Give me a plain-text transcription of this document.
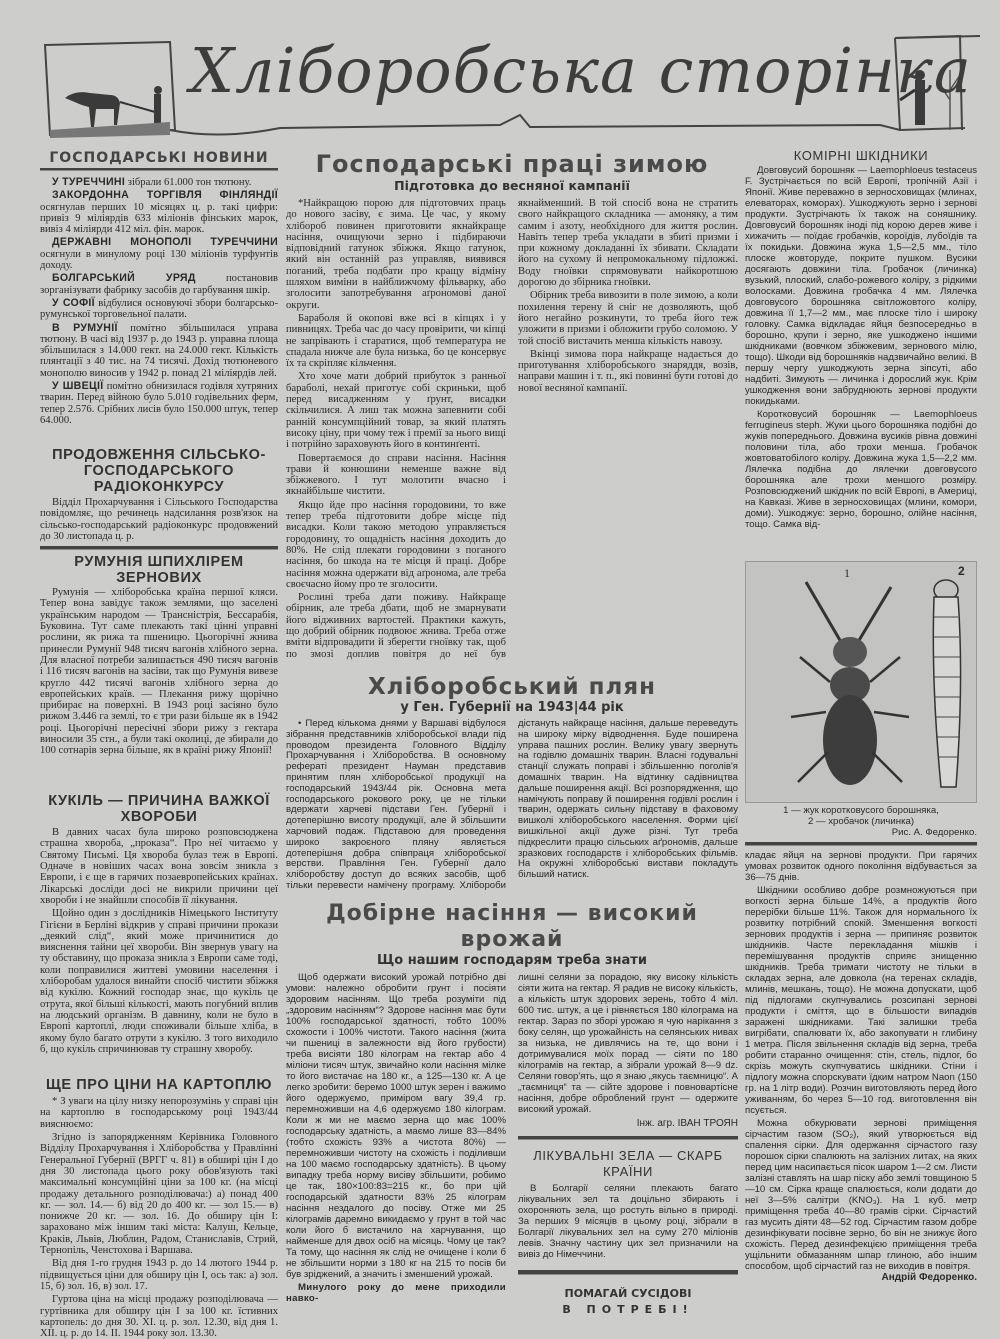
Хліборобська сторінка
ГОСПОДАРСЬКІ НОВИНИ

У ТУРЕЧЧИНІ зібрали 61.000 тон тютюну.

ЗАКОРДОННА ТОРГІВЛЯ ФІНЛЯНДІЇ осягнулав перших 10 місяцях ц. р. такі цифри: привіз 9 міліярдів 633 міліонів фінських марок, вивіз 4 міліярди 412 міл. фін. марок.

ДЕРЖАВНІ МОНОПОЛІ ТУРЕЧЧИНИ осягнули в минулому році 130 міліонів турфунтів доходу.

БОЛГАРСЬКИЙ УРЯД постановив зорганізувати фабрику засобів до гарбування шкір.

У СОФІЇ відбулися основуючі збори болгарсько-румунської торговельної палати.

В РУМУНІЇ помітно збільшилася управа тютюну. В часі від 1937 р. до 1943 р. управна площа збільшилася з 14.000 гект. на 24.000 гект. Кількість плянтації з 40 тис. на 74 тисячі. Дохід тютюневого монополю виносив у 1942 р. понад 21 міліярдів лей.

У ШВЕЦІЇ помітно обнизилася годівля хутряних тварин. Перед війною було 5.010 годівельних ферм, тепер 2.576. Срібних лисів було 150.000 штук, тепер 64.000.

ПРОДОВЖЕННЯ СІЛЬСЬКО-ГОСПОДАРСЬКОГО РАДІОКОНКУРСУ

Відділ Прохарчування і Сільського Господарства повідомляє, що речинець надсилання розв'язок на сільсько-господарський радіоконкурс продовжений до 30 листопада ц. р.

РУМУНІЯ ШПИХЛІРЕМ ЗЕРНОВИХ

Румунія — хліборобська країна першої кляси. Тепер вона завідує також землями, що заселені українським народом — Трансністрія, Бессарабія, Буковина. Тут саме плекають такі цінні управні рослини, як рижа та пшеницю. Цьогорічні жнива принесли Румунії 948 тисяч вагонів хлібного зерна. Для власної потреби залишається 490 тисяч вагонів і 116 тисяч вагонів на засіви, так що Румунія вивезе кругло 442 тисячі вагонів хлібного зерна до европейських країв. — Плекання рижу щорічно прибирає на поверхні. В 1943 році засіяно було рижом 3.446 га землі, то є три рази більше як в 1942 році. Цьогорічні пересічні збори рижу з гектара виносили 35 стн., а були такі околиці, де збирали до 100 сотнарів зерна більше, як в країні рижу Японії!

КУКІЛЬ — ПРИЧИНА ВАЖКОЇ ХВОРОБИ

В давних часах була широко розповсюджена страшна хвороба, „проказа“. Про неї читаємо у Святому Письмі. Ця хвороба булаз теж в Европі. Одначе в новіших часах вона зовсім зникла з Европи, і є ще в гарячих позаевропейських країнах. Лікарські досліди досі не викрили причини цеї хвороби і не знайшли способів її лікування.

Щойно один з дослідників Німецького Інституту Гігієни в Берліні відкрив у справі причини прокази „деякий слід“, який може причинитися до вияснення тайни цеї хвороби. Він звернув увагу на ту обставину, що проказа зникла з Европи саме тоді, коли поправилися життеві умовини населення і хліборобам удалося винайти спосіб чистити збіжжя від кукілю. Кожний господар знає, що кукіль це отрута, якої більші кількості, мають погубний вплив на людський організм. В давнину, коли не було в Европі картоплі, люди споживали більше хліба, в якому було багато отрути з кукілю. З того виходило б, що кукіль спричинював ту страшну хворобу.

ЩЕ ПРО ЦІНИ НА КАРТОПЛЮ

* З уваги на цілу низку непорозумінь у справі цін на картоплю в господарському році 1943/44 вияснюємо:

Згідно із запорядженням Керівника Головного Відділу Прохарчування і Хліборобства у Правлінні Генеральної Губернії (ВРГГ ч. 81) в обширі цін І до дня 30 листопада цього року обов'язують такі максимальні консумційні ціни за 100 кг. (на місці продажу детального розподілювача:) а) понад 400 кг. — зол. 14.— б) від 20 до 400 кг. — зол 15.— в) понижче 20 кг. — зол. 16. До обширу цін І: зараховано між іншим такі міста: Калуш, Кельце, Краків, Львів, Люблин, Радом, Станиславів, Стрий, Тернопіль, Ченстохова і Варшава.

Від дня 1-го грудня 1943 р. до 14 лютого 1944 р. підвищується ціни для обширу цін І, ось так: а) зол. 15, б) зол. 16, в) зол. 17.

Гуртова ціна на місці продажу розподілювача — гуртівника для обширу цін І за 100 кг. їстивних картопель: до дня 30. XI. ц. р. зол. 12.30, від дня 1. XII. ц. р. до 14. II. 1944 року зол. 13.30.

Господарські праці зимою
Підготовка до весняної кампанії

*Найкращою порою для підготовчих праць до нового засіву, є зима. Це час, у якому хлібороб повинен приготовити якнайкраще насіння, очищуючи зерно і підбираючи відповідний гатунок збіжжя. Якщо гатунок, який він останній раз управляв, виявився поганий, треба подбати про кращу відміну шляхом виміни в найближчому фільварку, або зголосити запотребування аґрономові даної округи.

Бараболя й окопові вже всі в кіпцях і у пивницях. Треба час до часу провірити, чи кіпці не запрівають і старатися, щоб температура не спадала нижче але була низька, бо це консервує їх та скріпляє кільчення.

Хто хоче мати добрий прибуток з ранньої бараболі, нехай приготує собі скриньки, щоб перед висадженням у ґрунт, висадки скільчилися. А лиш так можна запевнити собі ранній консумпційний товар, за який платять високу ціну, при чому теж і премії за нього вищі і потрійно зараховують його в континґенті.

Повертаємося до справи насіння. Насіння трави й конюшини неменше важне від збіжжевого. І тут молотити вчасно і якнайбільше чистити.

Якщо йде про насіння городовини, то вже тепер треба підготовити добре місце під висадки. Коли такою методою управляється городовину, то ощадність насіння доходить до 80%. Не слід плекати городовини з поганого насіння, бо шкода на те місця й праці. Добре насіння можна одержати від аґронома, але треба своєчасно йому про те зголосити.

Рослині треба дати поживу. Найкраще обірник, але треба дбати, щоб не змарнувати його відживних вартостей. Практики кажуть, що добрий обірник подвоює жнива. Треба отже вміти відпровадити й зберегти гноївку так, щоб по змозі доплив повітря до неї був якнайменший. В той спосіб вона не стратить свого найкращого складника — амоняку, а тим самим і азоту, необхідного для життя рослин. Навіть тепер треба укладати в збиті призми і при кожному докладанні їх збивати. Складати його на сухому й непромокальному підложжі. Воду гноївки спрямовувати найкоротшою дорогою до збірника гноївки.

Обірник треба вивозити в поле зимою, а коли похилення терену й сніг не дозволяють, щоб його негайно розкинути, то треба його теж уложити в призми і обложити грубо соломою. У той спосіб вистачить менша кількість навозу.

Вкінці зимова пора найкраще надається до приготування хліборобського знаряддя, возів, направи машин і т. п., які повинні бути готові до нової весняної кампанії.

Хліборобський плян
у Ген. Губернії на 1943|44 рік

• Перед кількома днями у Варшаві відбулося зібрання представників хліборобської влади під проводом президента Головного Відділу Прохарчування і Хліборобства. В основному рефераті президент Науман представив принятим плян хліборобської продукції на господарський 1943/44 рік. Основна мета господарського рокового року, це не тільки вдержати харчеві підстави Ген. Губернії і дотеперішню висоту продукції, але й збільшити харчовий подаж. Підставою для проведення широко закроєного пляну являється дотеперішня добра співпраця хліборобської верстви. Правління Ген. Губернії дало хліборобству доступ до всяких засобів, щоб тільки перевести намічену програму. Хлібороби дістануть найкраще насіння, дальше переведуть на широку мірку відводнення. Буде поширена управа пашних рослин. Велику увагу звернуть на годівлю домашніх тварин. Власні годувальні станції служать поправі і збільшенню поголів'я домашніх тварин. На відтинку садівництва дальше поширення акції. Всі розпорядження, що намічують поправу й поширення годівлі рослин і тварин, одержать сильну підставу в фаховому вишколі хліборобського населення. Форми цієї вишкільної акції дуже різні. Тут треба підкреслити працю сільських аґрономів, дальше зразкових господарств і хліборобських фільмів. На окружні хліборобські вистави покладуть більший натиск.

Добірне насіння — високий врожай
Що нашим господарям треба знати

Щоб одержати високий урожай потрібно дві умови: належно обробити грунт і посіяти здоровим насінням. Що треба розуміти під „здоровим насінням“? Здорове насіння має бути 100% господарської здатності, тобто 100% схожости і 100% чистоти. Такого насіння (жита чи пшениці в залежности від його грубости) треба висіяти 180 кілограм на гектар або 4 міліони тисяч штук, звичайно коли насіння мілке то його вистачає на 180 кг., а 125—130 кг. А це легко зробити: беремо 1000 штук зерен і важимо його одержуємо, приміром вагу 39,4 гр. перемноживши на 4,6 одержуємо 180 кілограм. Коли ж ми не маємо зерна що має 100% господарську здатність, а маємо лише 83—84% (тобто схожість 93% а чистота 80%) — перемноживши чистоту на схожість і поділивши на 100 маємо господарську здатність). В цьому випадку треба норму висіву збільшити, робимо це так, 180×100:83=215 кг., бо при цій господарській здатности 83% 25 кілограм насіння нездалого до посіву. Отже ми 25 кілограмів даремно викидаємо у грунт в той час коли його б вистачило на харчування, що найменше для двох осіб на місяць. Чому це так? Та тому, що насіння як слід не очищене і коли б не збільшити норми з 180 кг на 215 то посів би був зріджений, а значить і зменшений урожай.

Минулого року до мене приходили навко-

лишні селяни за порадою, яку високу кількість сіяти жита на гектар. Я радив не високу кількість, а кількість штук здорових зерень, тобто 4 міл. 600 тис. штук, а це і рівняється 180 кілограма на гектар. Зараз по зборі урожаю я чую нарікання з боку селян, що урожайність на селянських нивах за низька, не дивлячись на те, що вони і дотримувалися моїх порад — сіяти по 180 кілограмів на гектар, а зібрали урожай 8—9 dz. Селяни говор'ять, що я знаю „якусь таємницю“. А „таємниця“ та — сійте здорове і повновартісне насіння, добре оброблений грунт — одержите високий урожай.

Інж. агр. ІВАН ТРОЯН
ЛІКУВАЛЬНІ ЗЕЛА — СКАРБ КРАЇНИ

В Болгарії селяни плекають багато лікувальних зел та доцільно збирають і охороняють зела, що ростуть вільно в природі. За перших 9 місяців в цьому році, зібрали в Болгарії лікувальних зел на суму 270 міліонів левів. Значну частину цих зел призначили на вивіз до Німеччини.

ПОМАГАЙ СУСІДОВІ
В ПОТРЕБІ!
КОМІРНІ ШКІДНИКИ

Довговусий борошняк — Laemophloeus testaceus F. Зустрічається по всій Европі, тропічній Азії і Японії. Живе переважно в зерносховищах (млинах, елеваторах, коморах). Ушкоджують зерно і зернові продукти. Зустрічають їх також на соняшнику. Довговусий борошняк іноді під корою дерев живе і хижачить — поїдає гробачків, короїдів, лубоїдів та їх покидьки. Довжина жука 1,5—2,5 мм., тіло плоске жовторуде, покрите пушком. Вусики досягають довжини тіла. Гробачок (личинка) вузький, плоский, слабо-рожевого коліру, з рідкими волосками. Довжина гробачка 4 мм. Лялечка довговусого борошняка світложовтого коліру, довжина її 1,7—2 мм., має плоске тіло і широку головку. Самка відкладає яйця безпосередньо в борошно, крупи і зерно, яке ушкоджено іншими шкідниками (вовчком збіжжевим, зернового мілю, тощо). Шкоди від борошняків надзвичайно великі. В першу чергу ушкоджують зерна зіпсуті, або надбиті. Зимують — личинка і дорослий жук. Крім ушкодження вони забруднюють зернові продукти покидьками.

Коротковусий борошняк — Laemophloeus ferrugineus steph. Жуки цього борошняка подібні до жуків попереднього. Довжина вусиків рівна довжині половини тіла, або трохи менша. Гробачок жовтоватобілого коліру. Довжина жука 1,5—2,2 мм. Лялечка подібна до лялечки довговусого борошняка але трохи меншого розміру. Розповсюджений шкідник по всій Европі, в Америці, на Кавказі. Живе в зерносховищах (млини, комори, доми). Ушкоджує: зерно, борошно, олійне насіння, тощо. Самка від-

1	2
1 — жук коротковусого борошняка,
2 — хробачок (личинка)
Рис. А. Федоренко.

кладає яйця на зернові продукти. При гарячих умовах розвиток одного покоління відбувається за 36—75 днів.

Шкідники особливо добре розмножуються при вогкості зерна більше 14%, а продуктів його перерібки більше 11%. Також для нормального їх розвитку потрібний спокій. Зменшення вогкості зернових продуктів і зерна — припиняє розвиток шкідників. Часте перекладання мішків і перемішування продуктів сприяє знищенню шкідників. Треба тримати чистоту не тільки в складах зерна, але довкола (на теренах складів, млинів, мешкань, тощо). Не можна допускати, щоб під підлогами скупчувались розсипані зернові продукти і сміття, що в більшости випадків заражені шкідниками. Такі залишки треба вигрібати, спалювати їх, або закопувати н глибину 1 метра. Після звільнення складів від зерна, треба робити старанно очищення: стін, стель, підлог, бо скрізь можуть скупчуватись шкідники. Стіни і підлогу можна спорскувати їдким натром Naon (150 гр. на 1 літр води). Розчин виготовляють перед його уживанням, бо через 5—10 год. виготовлення він псується.

Можна обкурювати зернові приміщення сірчастим газом (SO₂), який утворюється від спалення сірки. Для одержання сірчастого газу порошок сірки спалюють на залізних литах, на яких перед цим насипається пісок шаром 1—2 см. Листи залізні ставлять на шар піску або землі товщиною 5—10 см. Сірка краще спалюється, коли додати до неї 3—5% салітри (KNO₃). На 1 куб. метр приміщення треба 40—80 грамів сірки. Сірчастий газ мусить діяти 48—52 год. Сірчастим газом добре дезинфікувати посівне зерно, бо він не знижує його схожість. Перед дезинфекцією приміщення треба ущільнити обмазанням шпар глиною, або іншим способом, щоб сірчастий газ не виходив в повітря.

Андрій Федоренко.
